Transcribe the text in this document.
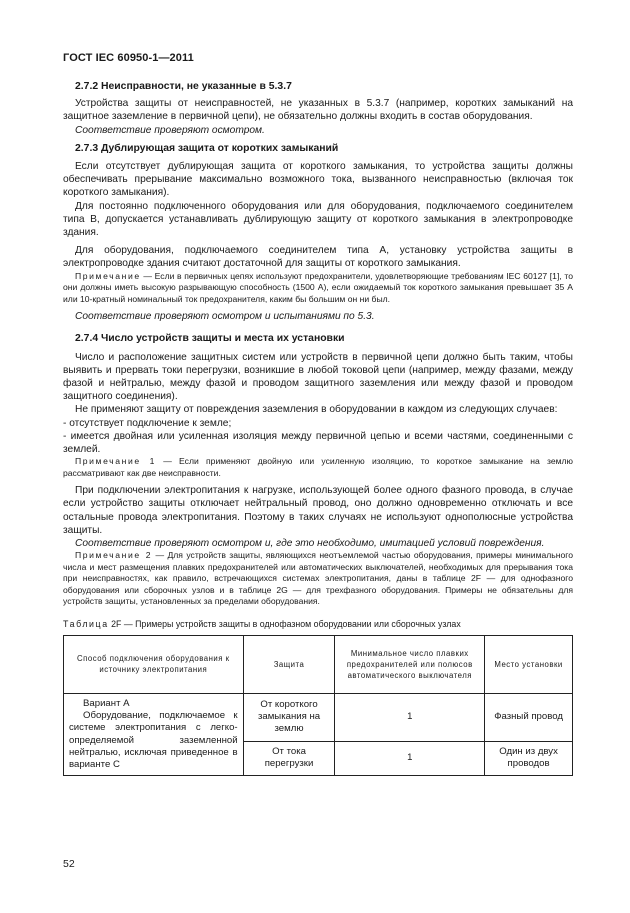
ГОСТ IEC 60950-1—2011
2.7.2 Неисправности, не указанные в 5.3.7

Устройства защиты от неисправностей, не указанных в 5.3.7 (например, коротких замыканий на защитное заземление в первичной цепи), не обязательно должны входить в состав оборудования.

Соответствие проверяют осмотром.

2.7.3 Дублирующая защита от коротких замыканий

Если отсутствует дублирующая защита от короткого замыкания, то устройства защиты должны обеспечивать прерывание максимально возможного тока, вызванного неисправностью (включая ток короткого замыкания).

Для постоянно подключенного оборудования или для оборудования, подключаемого соединителем типа В, допускается устанавливать дублирующую защиту от короткого замыкания в электропроводке здания.

Для оборудования, подключаемого соединителем типа А, установку устройства защиты в электропроводке здания считают достаточной для защиты от короткого замыкания.

Примечание — Если в первичных цепях используют предохранители, удовлетворяющие требованиям IEC 60127 [1], то они должны иметь высокую разрывающую способность (1500 А), если ожидаемый ток короткого замыкания превышает 35 А или 10-кратный номинальный ток предохранителя, каким бы большим он ни был.

Соответствие проверяют осмотром и испытаниями по 5.3.

2.7.4 Число устройств защиты и места их установки

Число и расположение защитных систем или устройств в первичной цепи должно быть таким, чтобы выявить и прервать токи перегрузки, возникшие в любой токовой цепи (например, между фазами, между фазой и нейтралью, между фазой и проводом защитного заземления или между фазой и проводом защитного соединения).

Не применяют защиту от повреждения заземления в оборудовании в каждом из следующих случаев:

- отсутствует подключение к земле;

- имеется двойная или усиленная изоляция между первичной цепью и всеми частями, соединенными с землей.

Примечание 1 — Если применяют двойную или усиленную изоляцию, то короткое замыкание на землю рассматривают как две неисправности.

При подключении электропитания к нагрузке, использующей более одного фазного провода, в случае если устройство защиты отключает нейтральный провод, оно должно одновременно отключать и все остальные провода электропитания. Поэтому в таких случаях не используют однополюсные устройства защиты.

Соответствие проверяют осмотром и, где это необходимо, имитацией условий повреждения.

Примечание 2 — Для устройств защиты, являющихся неотъемлемой частью оборудования, примеры минимального числа и мест размещения плавких предохранителей или автоматических выключателей, необходимых для прерывания тока при неисправностях, как правило, встречающихся системах электропитания, даны в таблице 2F — для однофазного оборудования или сборочных узлов и в таблице 2G — для трехфазного оборудования. Примеры не обязательны для устройств защиты, установленных за пределами оборудования.

Таблица 2F — Примеры устройств защиты в однофазном оборудовании или сборочных узлах
Способ подключения оборудования к источнику электропитания	Защита	Минимальное число плавких предохранителей или полюсов автоматического выключателя	Место установки

Вариант А
Оборудование, подключаемое к системе электропитания с легко-определяемой заземленной нейтралью, исключая приведенное в варианте С	От короткого замыкания на землю	1	Фазный провод
	От тока перегрузки	1	Один из двух проводов
52
